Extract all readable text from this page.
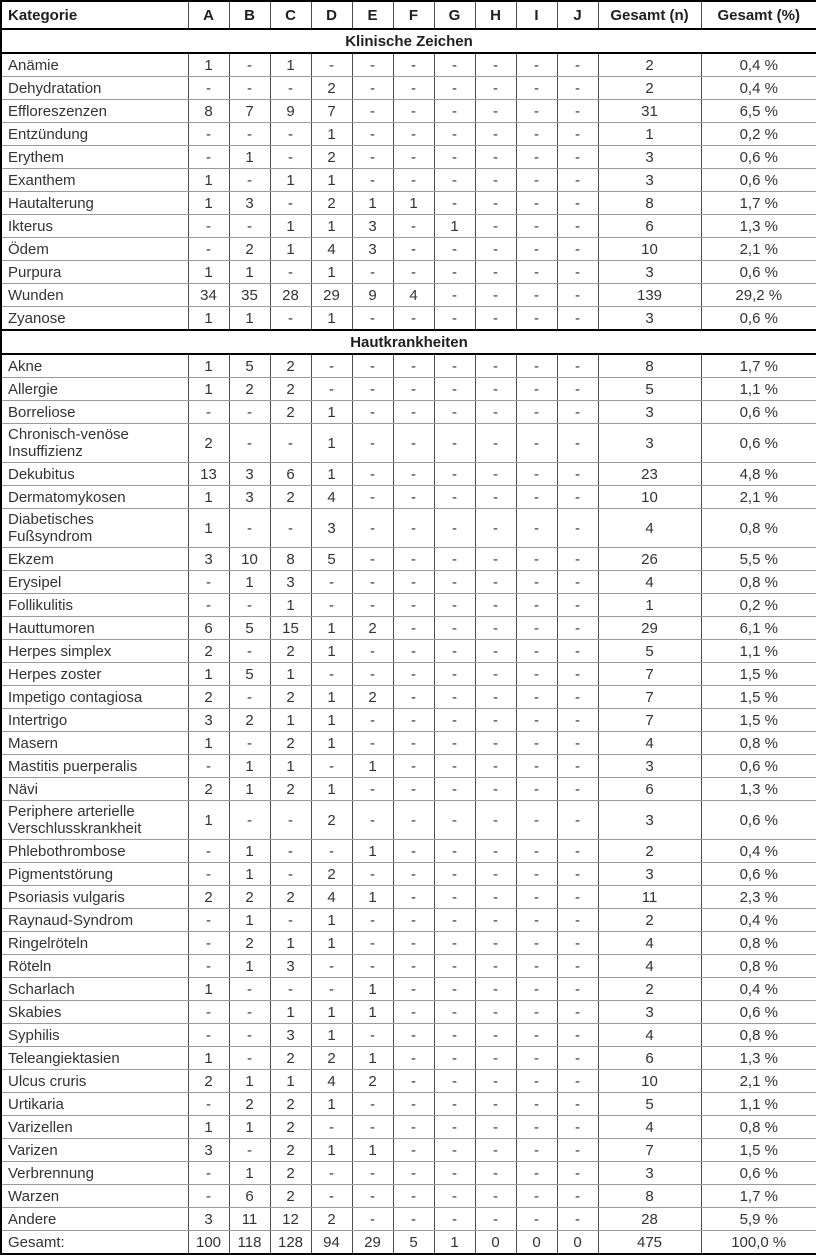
Kategorie	A	B	C	D	E	F	G	H	I	J	Gesamt (n)	Gesamt (%)
Klinische Zeichen												
Anämie	1	-	1	-	-	-	-	-	-	-	2	0,4 %
Dehydratation	-	-	-	2	-	-	-	-	-	-	2	0,4 %
Effloreszenzen	8	7	9	7	-	-	-	-	-	-	31	6,5 %
Entzündung	-	-	-	1	-	-	-	-	-	-	1	0,2 %
Erythem	-	1	-	2	-	-	-	-	-	-	3	0,6 %
Exanthem	1	-	1	1	-	-	-	-	-	-	3	0,6 %
Hautalterung	1	3	-	2	1	1	-	-	-	-	8	1,7 %
Ikterus	-	-	1	1	3	-	1	-	-	-	6	1,3 %
Ödem	-	2	1	4	3	-	-	-	-	-	10	2,1 %
Purpura	1	1	-	1	-	-	-	-	-	-	3	0,6 %
Wunden	34	35	28	29	9	4	-	-	-	-	139	29,2 %
Zyanose	1	1	-	1	-	-	-	-	-	-	3	0,6 %
Hautkrankheiten												
Akne	1	5	2	-	-	-	-	-	-	-	8	1,7 %
Allergie	1	2	2	-	-	-	-	-	-	-	5	1,1 %
Borreliose	-	-	2	1	-	-	-	-	-	-	3	0,6 %
Chronisch-venöse Insuffizienz	2	-	-	1	-	-	-	-	-	-	3	0,6 %
Dekubitus	13	3	6	1	-	-	-	-	-	-	23	4,8 %
Dermatomykosen	1	3	2	4	-	-	-	-	-	-	10	2,1 %
Diabetisches Fußsyndrom	1	-	-	3	-	-	-	-	-	-	4	0,8 %
Ekzem	3	10	8	5	-	-	-	-	-	-	26	5,5 %
Erysipel	-	1	3	-	-	-	-	-	-	-	4	0,8 %
Follikulitis	-	-	1	-	-	-	-	-	-	-	1	0,2 %
Hauttumoren	6	5	15	1	2	-	-	-	-	-	29	6,1 %
Herpes simplex	2	-	2	1	-	-	-	-	-	-	5	1,1 %
Herpes zoster	1	5	1	-	-	-	-	-	-	-	7	1,5 %
Impetigo contagiosa	2	-	2	1	2	-	-	-	-	-	7	1,5 %
Intertrigo	3	2	1	1	-	-	-	-	-	-	7	1,5 %
Masern	1	-	2	1	-	-	-	-	-	-	4	0,8 %
Mastitis puerperalis	-	1	1	-	1	-	-	-	-	-	3	0,6 %
Nävi	2	1	2	1	-	-	-	-	-	-	6	1,3 %
Periphere arterielle Verschlusskrankheit	1	-	-	2	-	-	-	-	-	-	3	0,6 %
Phlebothrombose	-	1	-	-	1	-	-	-	-	-	2	0,4 %
Pigmentstörung	-	1	-	2	-	-	-	-	-	-	3	0,6 %
Psoriasis vulgaris	2	2	2	4	1	-	-	-	-	-	11	2,3 %
Raynaud-Syndrom	-	1	-	1	-	-	-	-	-	-	2	0,4 %
Ringelröteln	-	2	1	1	-	-	-	-	-	-	4	0,8 %
Röteln	-	1	3	-	-	-	-	-	-	-	4	0,8 %
Scharlach	1	-	-	-	1	-	-	-	-	-	2	0,4 %
Skabies	-	-	1	1	1	-	-	-	-	-	3	0,6 %
Syphilis	-	-	3	1	-	-	-	-	-	-	4	0,8 %
Teleangiektasien	1	-	2	2	1	-	-	-	-	-	6	1,3 %
Ulcus cruris	2	1	1	4	2	-	-	-	-	-	10	2,1 %
Urtikaria	-	2	2	1	-	-	-	-	-	-	5	1,1 %
Varizellen	1	1	2	-	-	-	-	-	-	-	4	0,8 %
Varizen	3	-	2	1	1	-	-	-	-	-	7	1,5 %
Verbrennung	-	1	2	-	-	-	-	-	-	-	3	0,6 %
Warzen	-	6	2	-	-	-	-	-	-	-	8	1,7 %
Andere	3	11	12	2	-	-	-	-	-	-	28	5,9 %
Gesamt:	100	118	128	94	29	5	1	0	0	0	475	100,0 %
